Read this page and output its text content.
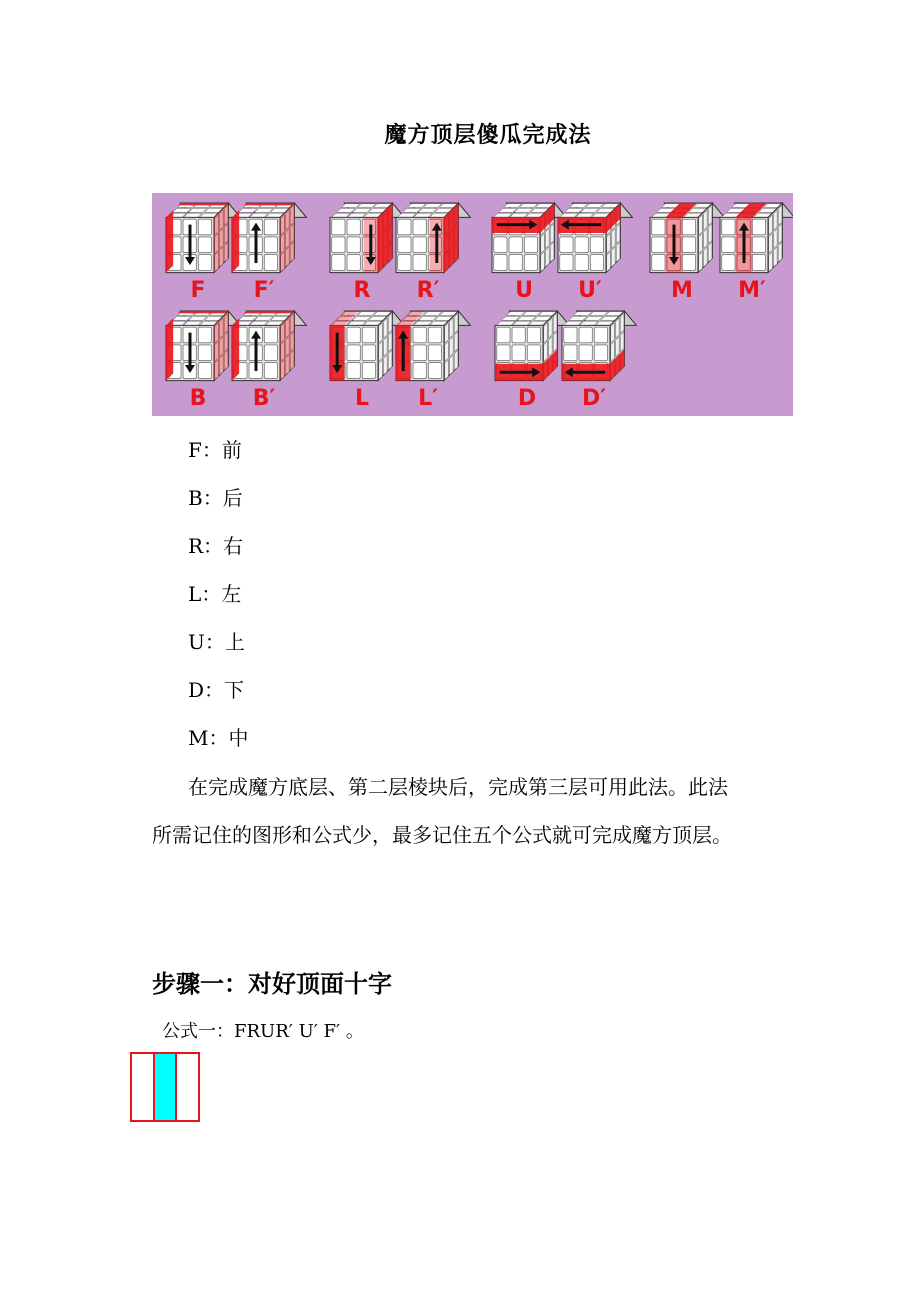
魔方顶层傻瓜完成法
F F′	R R′	U U′	M M′
B B′	L L′	D D′
F：前
B：后
R：右
L：左
U：上
D：下
M：中
在完成魔方底层、第二层棱块后，完成第三层可用此法。此法
所需记住的图形和公式少，最多记住五个公式就可完成魔方顶层。
步骤一：对好顶面十字
公式一：FRUR′ U′ F′ 。
